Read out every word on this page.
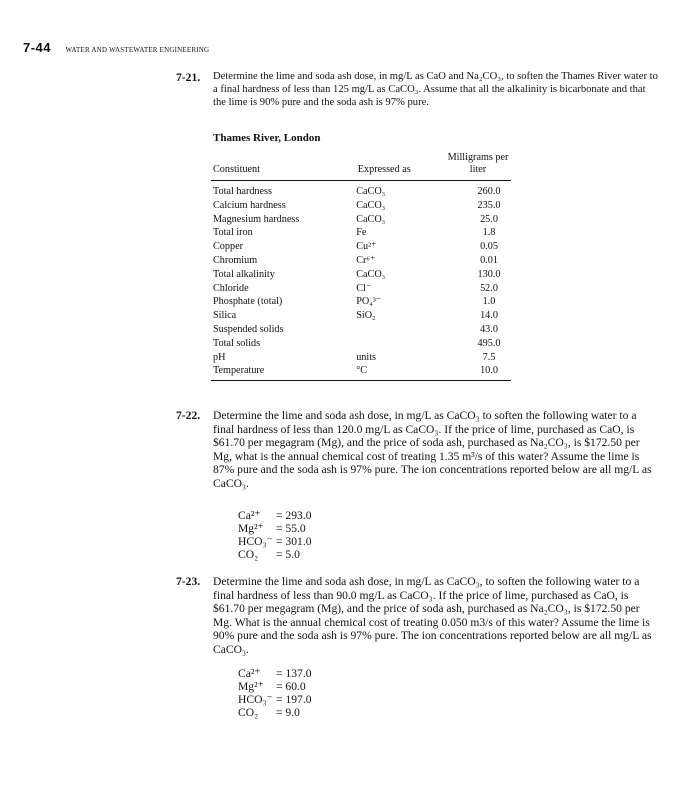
7-44 WATER AND WASTEWATER ENGINEERING
7-21. Determine the lime and soda ash dose, in mg/L as CaO and Na₂CO₃, to soften the Thames River water to a final hardness of less than 125 mg/L as CaCO₃. Assume that all the alkalinity is bicarbonate and that the lime is 90% pure and the soda ash is 97% pure.
Thames River, London
Constituent	Expressed as	Milligrams per liter
Total hardness	CaCO₃	260.0
Calcium hardness	CaCO₃	235.0
Magnesium hardness	CaCO₃	25.0
Total iron	Fe	1.8
Copper	Cu²⁺	0.05
Chromium	Cr⁶⁺	0.01
Total alkalinity	CaCO₃	130.0
Chloride	Cl⁻	52.0
Phosphate (total)	PO₄³⁻	1.0
Silica	SiO₂	14.0
Suspended solids		43.0
Total solids		495.0
pH	units	7.5
Temperature	°C	10.0
7-22. Determine the lime and soda ash dose, in mg/L as CaCO₃ to soften the following water to a final hardness of less than 120.0 mg/L as CaCO₃. If the price of lime, purchased as CaO, is $61.70 per megagram (Mg), and the price of soda ash, purchased as Na₂CO₃, is $172.50 per Mg, what is the annual chemical cost of treating 1.35 m³/s of this water? Assume the lime is 87% pure and the soda ash is 97% pure. The ion concentrations reported below are all mg/L as CaCO₃.
Ca²⁺	= 293.0
Mg²⁺	= 55.0
HCO₃⁻ = 301.0
CO₂	= 5.0
7-23. Determine the lime and soda ash dose, in mg/L as CaCO₃, to soften the following water to a final hardness of less than 90.0 mg/L as CaCO₃. If the price of lime, purchased as CaO, is $61.70 per megagram (Mg), and the price of soda ash, purchased as Na₂CO₃, is $172.50 per Mg. What is the annual chemical cost of treating 0.050 m3/s of this water? Assume the lime is 90% pure and the soda ash is 97% pure. The ion concentrations reported below are all mg/L as CaCO₃.
Ca²⁺	= 137.0
Mg²⁺	= 60.0
HCO₃⁻ = 197.0
CO₂	= 9.0
